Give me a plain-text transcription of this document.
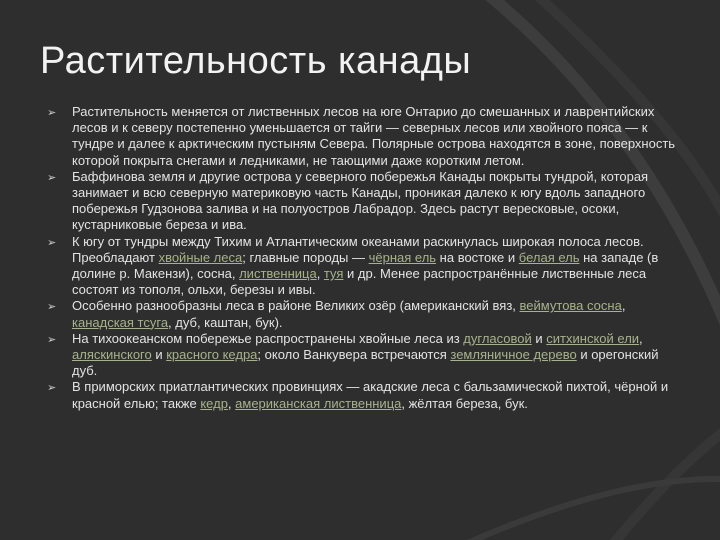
Растительность канады
➢ Растительность меняется от лиственных лесов на юге Онтарио до смешанных и лаврентийских лесов и к северу постепенно уменьшается от тайги — северных лесов или хвойного пояса — к тундре и далее к арктическим пустыням Севера. Полярные острова находятся в зоне, поверхность которой покрыта снегами и ледниками, не тающими даже коротким летом.
➢ Баффинова земля и другие острова у северного побережья Канады покрыты тундрой, которая занимает и всю северную материковую часть Канады, проникая далеко к югу вдоль западного побережья Гудзонова залива и на полуостров Лабрадор. Здесь растут вересковые, осоки, кустарниковые береза и ива.
➢ К югу от тундры между Тихим и Атлантическим океанами раскинулась широкая полоса лесов. Преобладают хвойные леса; главные породы — чёрная ель на востоке и белая ель на западе (в долине р. Макензи), сосна, лиственница, туя и др. Менее распространённые лиственные леса состоят из тополя, ольхи, березы и ивы.
➢ Особенно разнообразны леса в районе Великих озёр (американский вяз, веймутова сосна, канадская тсуга, дуб, каштан, бук).
➢ На тихоокеанском побережье распространены хвойные леса из дугласовой и ситхинской ели, аляскинского и красного кедра; около Ванкувера встречаются земляничное дерево и орегонский дуб.
➢ В приморских приатлантических провинциях — акадские леса с бальзамической пихтой, чёрной и красной елью; также кедр, американская лиственница, жёлтая береза, бук.
